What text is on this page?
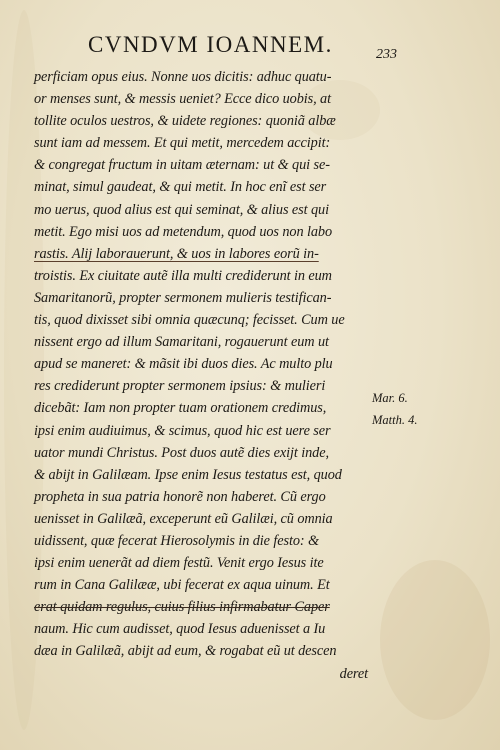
CVNDVM IOANNEM.	233
perficiam opus eius. Nonne uos dicitis: adhuc quatu-
or menses sunt, & messis ueniet? Ecce dico uobis, at
tollite oculos uestros, & uidete regiones: quoniã albæ
sunt iam ad messem. Et qui metit, mercedem accipit:
& congregat fructum in uitam æternam: ut & qui se-
minat, simul gaudeat, & qui metit. In hoc enĩ est ser
mo uerus, quod alius est qui seminat, & alius est qui
metit. Ego misi uos ad metendum, quod uos non labo
rastis. Alij laborauerunt, & uos in labores eorũ in-
troistis. Ex ciuitate autẽ illa multi crediderunt in eum
Samaritanorũ, propter sermonem mulieris testifican-
tis, quod dixisset sibi omnia quæcunq; fecisset. Cum ue
nissent ergo ad illum Samaritani, rogauerunt eum ut
apud se maneret: & mãsit ibi duos dies. Ac multo plu
res crediderunt propter sermonem ipsius: & mulieri
dicebãt: Iam non propter tuam orationem credimus,
ipsi enim audiuimus, & scimus, quod hic est uere ser
uator mundi Christus. Post duos autẽ dies exijt inde,
& abijt in Galilæam. Ipse enim Iesus testatus est, quod
propheta in sua patria honorẽ non haberet. Cũ ergo
uenisset in Galilæã, exceperunt eũ Galilæi, cũ omnia
uidissent, quæ fecerat Hierosolymis in die festo: &
ipsi enim uenerãt ad diem festũ. Venit ergo Iesus ite
rum in Cana Galilææ, ubi fecerat ex aqua uinum. Et
erat quidam regulus, cuius filius infirmabatur Caper
naum. Hic cum audisset, quod Iesus aduenisset a Iu
dæa in Galilæã, abijt ad eum, & rogabat eũ ut descen
deret
Mar. 6.
Matth. 4.
